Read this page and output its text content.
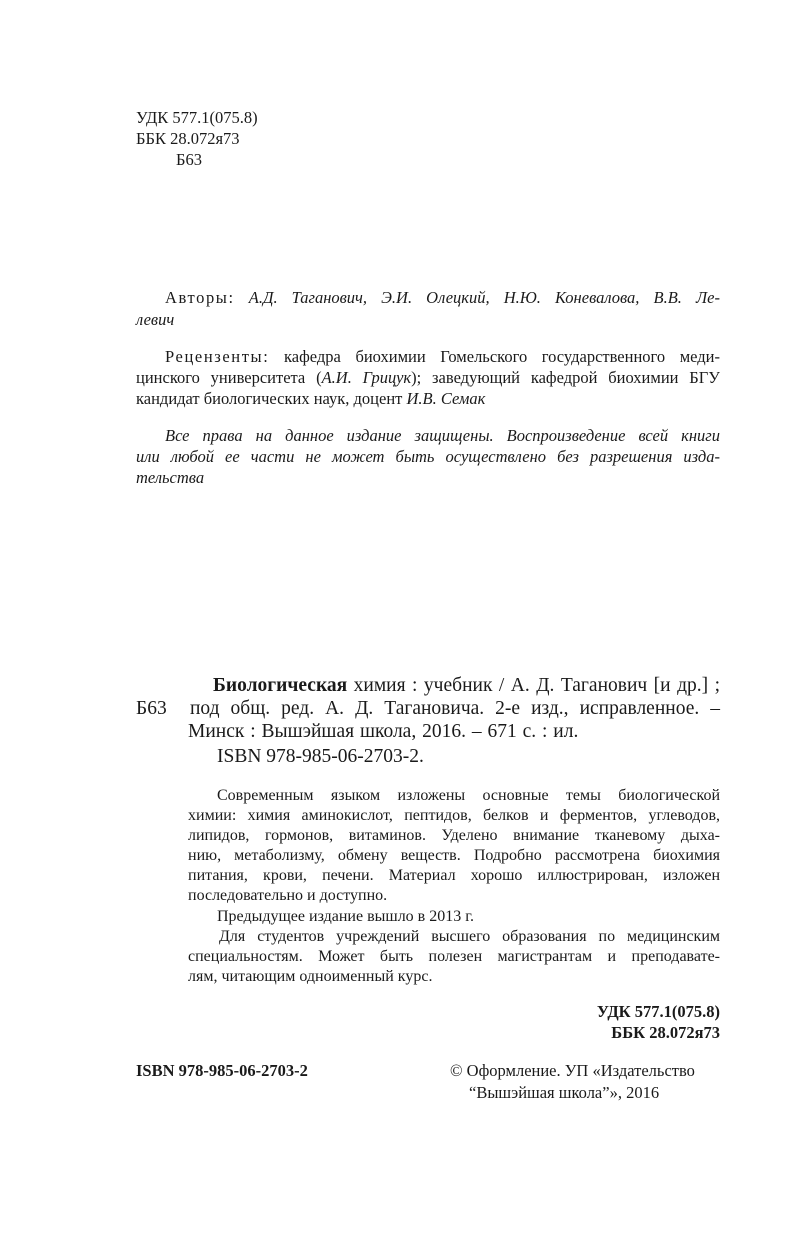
УДК 577.1(075.8)
ББК 28.072я73
Б63
Авторы: А.Д. Таганович, Э.И. Олецкий, Н.Ю. Коневалова, В.В. Ле-
левич
Рецензенты: кафедра биохимии Гомельского государственного меди-
цинского университета (А.И. Грицук); заведующий кафедрой биохимии БГУ
кандидат биологических наук, доцент И.В. Семак
Все права на данное издание защищены. Воспроизведение всей книги
или любой ее части не может быть осуществлено без разрешения изда-
тельства
Биологическая химия : учебник / А. Д. Таганович [и др.] ;
Б63 под общ. ред. А. Д. Тагановича. 2-е изд., исправленное. –
Минск : Вышэйшая школа, 2016. – 671 с. : ил.
ISBN 978-985-06-2703-2.
Современным языком изложены основные темы биологической
химии: химия аминокислот, пептидов, белков и ферментов, углеводов,
липидов, гормонов, витаминов. Уделено внимание тканевому дыха-
нию, метаболизму, обмену веществ. Подробно рассмотрена биохимия
питания, крови, печени. Материал хорошо иллюстрирован, изложен
последовательно и доступно.
Предыдущее издание вышло в 2013 г.
Для студентов учреждений высшего образования по медицинским
специальностям. Может быть полезен магистрантам и преподавате-
лям, читающим одноименный курс.
УДК 577.1(075.8)
ББК 28.072я73
ISBN 978-985-06-2703-2	© Оформление. УП «Издательство
“Вышэйшая школа”», 2016
